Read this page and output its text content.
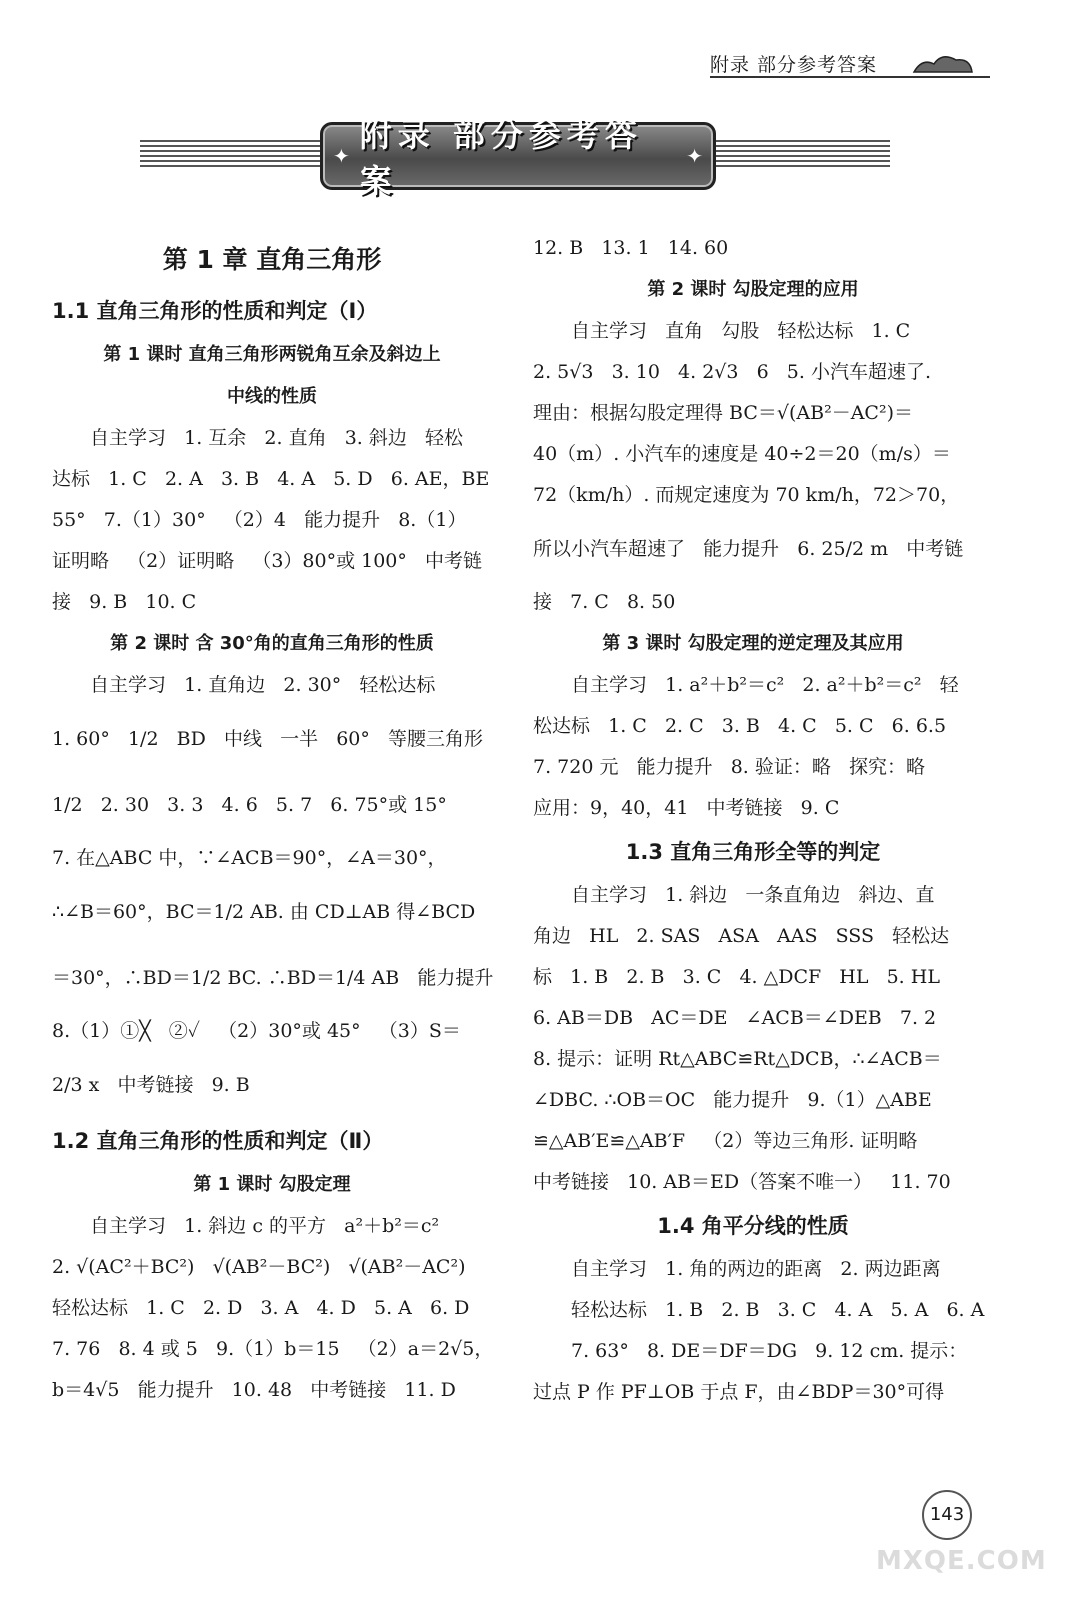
附录 部分参考答案
✦
附录 部分参考答案
✦
第 1 章 直角三角形
1.1 直角三角形的性质和判定（Ⅰ）
第 1 课时 直角三角形两锐角互余及斜边上
中线的性质
自主学习   1. 互余   2. 直角   3. 斜边   轻松
达标   1. C   2. A   3. B   4. A   5. D   6. AE，BE
55°   7.（1）30°   （2）4   能力提升   8.（1）
证明略   （2）证明略   （3）80°或 100°   中考链
接   9. B   10. C
第 2 课时 含 30°角的直角三角形的性质
自主学习   1. 直角边   2. 30°   轻松达标
1. 60°   1/2   BD   中线   一半   60°   等腰三角形
1/2   2. 30   3. 3   4. 6   5. 7   6. 75°或 15°
7. 在△ABC 中，∵∠ACB＝90°，∠A＝30°，
∴∠B＝60°，BC＝1/2 AB. 由 CD⊥AB 得∠BCD
＝30°，∴BD＝1/2 BC. ∴BD＝1/4 AB   能力提升
8.（1）①╳   ②✓   （2）30°或 45°   （3）S＝
2/3 x   中考链接   9. B
1.2 直角三角形的性质和判定（Ⅱ）
第 1 课时 勾股定理
自主学习   1. 斜边 c 的平方   a²＋b²＝c²
2. √(AC²＋BC²)   √(AB²－BC²)   √(AB²－AC²)
轻松达标   1. C   2. D   3. A   4. D   5. A   6. D
7. 76   8. 4 或 5   9.（1）b＝15   （2）a＝2√5，
b＝4√5   能力提升   10. 48   中考链接   11. D
12. B   13. 1   14. 60
第 2 课时 勾股定理的应用
自主学习   直角   勾股   轻松达标   1. C
2. 5√3   3. 10   4. 2√3   6   5. 小汽车超速了.
理由：根据勾股定理得 BC＝√(AB²－AC²)＝
40（m）. 小汽车的速度是 40÷2＝20（m/s）＝
72（km/h）. 而规定速度为 70 km/h，72＞70，
所以小汽车超速了   能力提升   6. 25/2 m   中考链
接   7. C   8. 50
第 3 课时 勾股定理的逆定理及其应用
自主学习   1. a²＋b²＝c²   2. a²＋b²＝c²   轻
松达标   1. C   2. C   3. B   4. C   5. C   6. 6.5
7. 720 元   能力提升   8. 验证：略   探究：略
应用：9，40，41   中考链接   9. C
1.3 直角三角形全等的判定
自主学习   1. 斜边   一条直角边   斜边、直
角边   HL   2. SAS   ASA   AAS   SSS   轻松达
标   1. B   2. B   3. C   4. △DCF   HL   5. HL
6. AB＝DB   AC＝DE   ∠ACB＝∠DEB   7. 2
8. 提示：证明 Rt△ABC≌Rt△DCB，∴∠ACB＝
∠DBC. ∴OB＝OC   能力提升   9.（1）△ABE
≌△AB′E≌△AB′F   （2）等边三角形. 证明略
中考链接   10. AB＝ED（答案不唯一）   11. 70
1.4 角平分线的性质
自主学习   1. 角的两边的距离   2. 两边距离
轻松达标   1. B   2. B   3. C   4. A   5. A   6. A
7. 63°   8. DE＝DF＝DG   9. 12 cm. 提示：
过点 P 作 PF⊥OB 于点 F，由∠BDP＝30°可得
MXQE.COM
143
